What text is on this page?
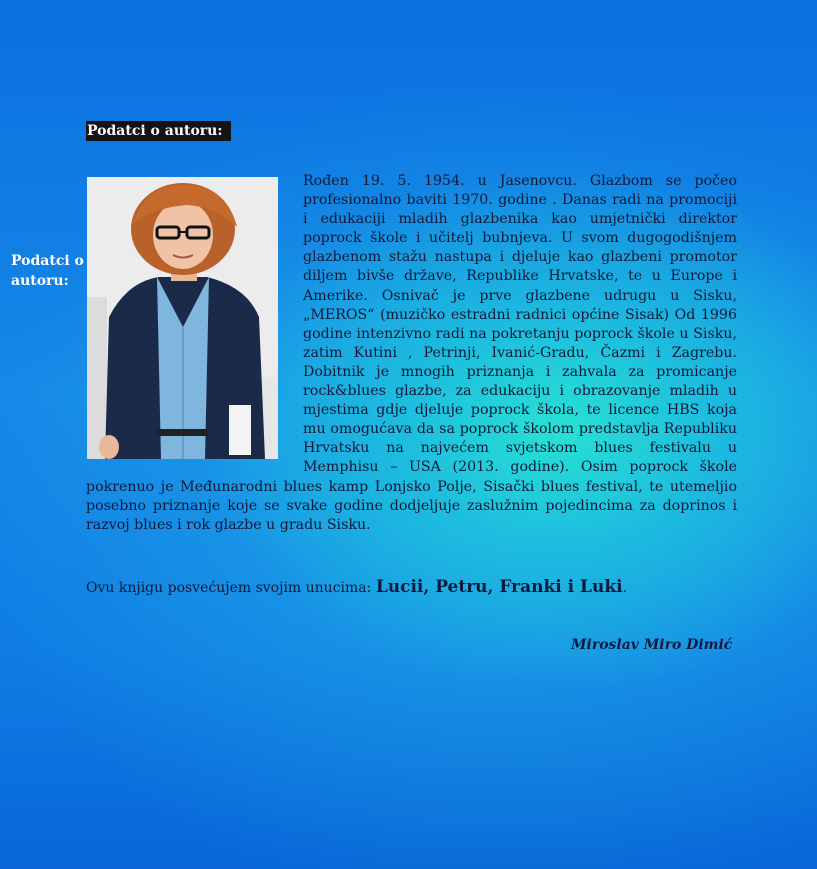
Podatci o autoru:
Podatci o autoru:

Rođen 19. 5. 1954. u Jasenovcu. Glazbom se počeo profesionalno baviti 1970. godine . Danas radi na promociji i edukaciji mladih glazbenika kao umjetnički direktor poprock škole i učitelj bubnjeva. U svom dugogodišnjem glazbenom stažu nastupa i djeluje kao glazbeni promotor diljem bivše države, Republike Hrvatske, te u Europe i Amerike. Osnivač je prve glazbene udrugu u Sisku, „MEROS“ (muzičko estradni radnici općine Sisak) Od 1996 godine intenzivno radi na pokretanju poprock škole u Sisku, zatim Kutini , Petrinji, Ivanić-Gradu, Čazmi i Zagrebu. Dobitnik je mnogih priznanja i zahvala za promicanje rock&blues glazbe, za edukaciju i obrazovanje mladih u mjestima gdje djeluje poprock škola, te licence HBS koja mu omogućava da sa poprock školom predstavlja Republiku Hrvatsku na najvećem svjetskom blues festivalu u Memphisu – USA (2013. godine). Osim poprock škole pokrenuo je Međunarodni blues kamp Lonjsko Polje, Sisački blues festival, te utemeljio posebno priznanje koje se svake godine dodjeljuje zaslužnim pojedincima za doprinos i razvoj blues i rok glazbe u gradu Sisku.

Ovu knjigu posvećujem svojim unucima: Lucii, Petru, Franki i Luki.
Miroslav Miro Dimić
